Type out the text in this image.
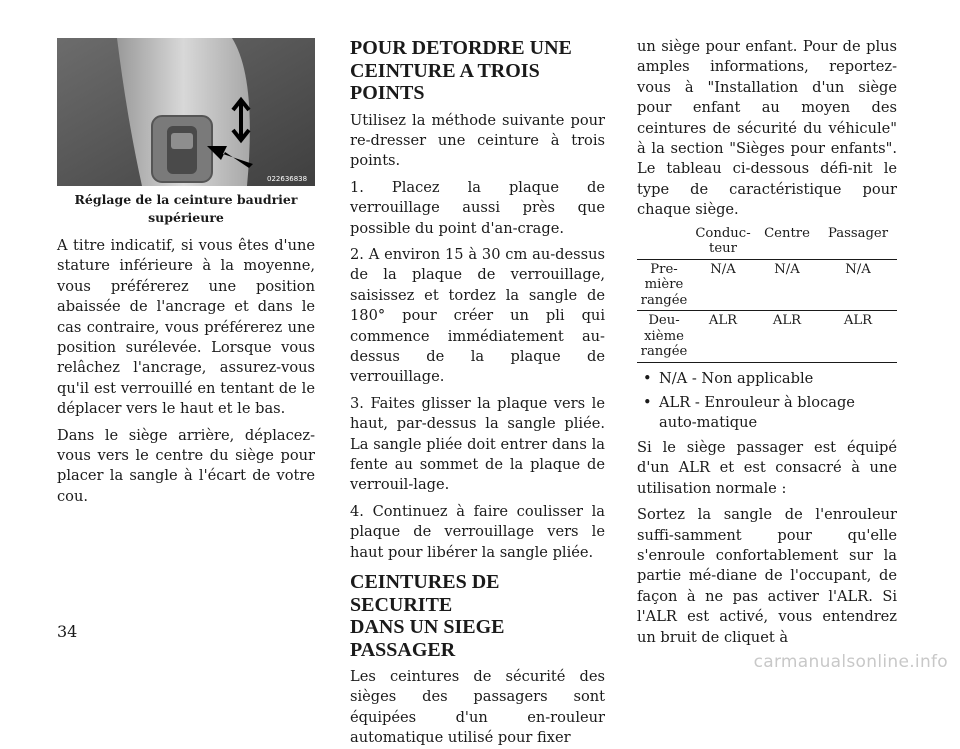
022636838
Réglage de la ceinture baudrier
supérieure

A titre indicatif, si vous êtes d'une stature inférieure à la moyenne, vous préférerez une position abaissée de l'ancrage et dans le cas contraire, vous préférerez une position surélevée. Lorsque vous relâchez l'ancrage, assurez-vous qu'il est verrouillé en tentant de le déplacer vers le haut et le bas.

Dans le siège arrière, déplacez-vous vers le centre du siège pour placer la sangle à l'écart de votre cou.

POUR DETORDRE UNE
CEINTURE A TROIS
POINTS

Utilisez la méthode suivante pour re-dresser une ceinture à trois points.

1. Placez la plaque de verrouillage aussi près que possible du point d'an-crage.

2. A environ 15 à 30 cm au-dessus de la plaque de verrouillage, saisissez et tordez la sangle de 180° pour créer un pli qui commence immédiatement au-dessus de la plaque de verrouillage.

3. Faites glisser la plaque vers le haut, par-dessus la sangle pliée. La sangle pliée doit entrer dans la fente au sommet de la plaque de verrouil-lage.

4. Continuez à faire coulisser la plaque de verrouillage vers le haut pour libérer la sangle pliée.

CEINTURES DE SECURITE
DANS UN SIEGE
PASSAGER

Les ceintures de sécurité des sièges des passagers sont équipées d'un en-rouleur automatique utilisé pour fixer

un siège pour enfant. Pour de plus amples informations, reportez-vous à "Installation d'un siège pour enfant au moyen des ceintures de sécurité du véhicule" à la section "Sièges pour enfants". Le tableau ci-dessous défi-nit le type de caractéristique pour chaque siège.

	Conduc-teur	Centre	Passager
Pre-mière rangée	N/A	N/A	N/A
Deu-xième rangée	ALR	ALR	ALR
• N/A - Non applicable
• ALR - Enrouleur à blocage auto-matique

Si le siège passager est équipé d'un ALR et est consacré à une utilisation normale :

Sortez la sangle de l'enrouleur suffi-samment pour qu'elle s'enroule confortablement sur la partie mé-diane de l'occupant, de façon à ne pas activer l'ALR. Si l'ALR est activé, vous entendrez un bruit de cliquet à

34
carmanualsonline.info
